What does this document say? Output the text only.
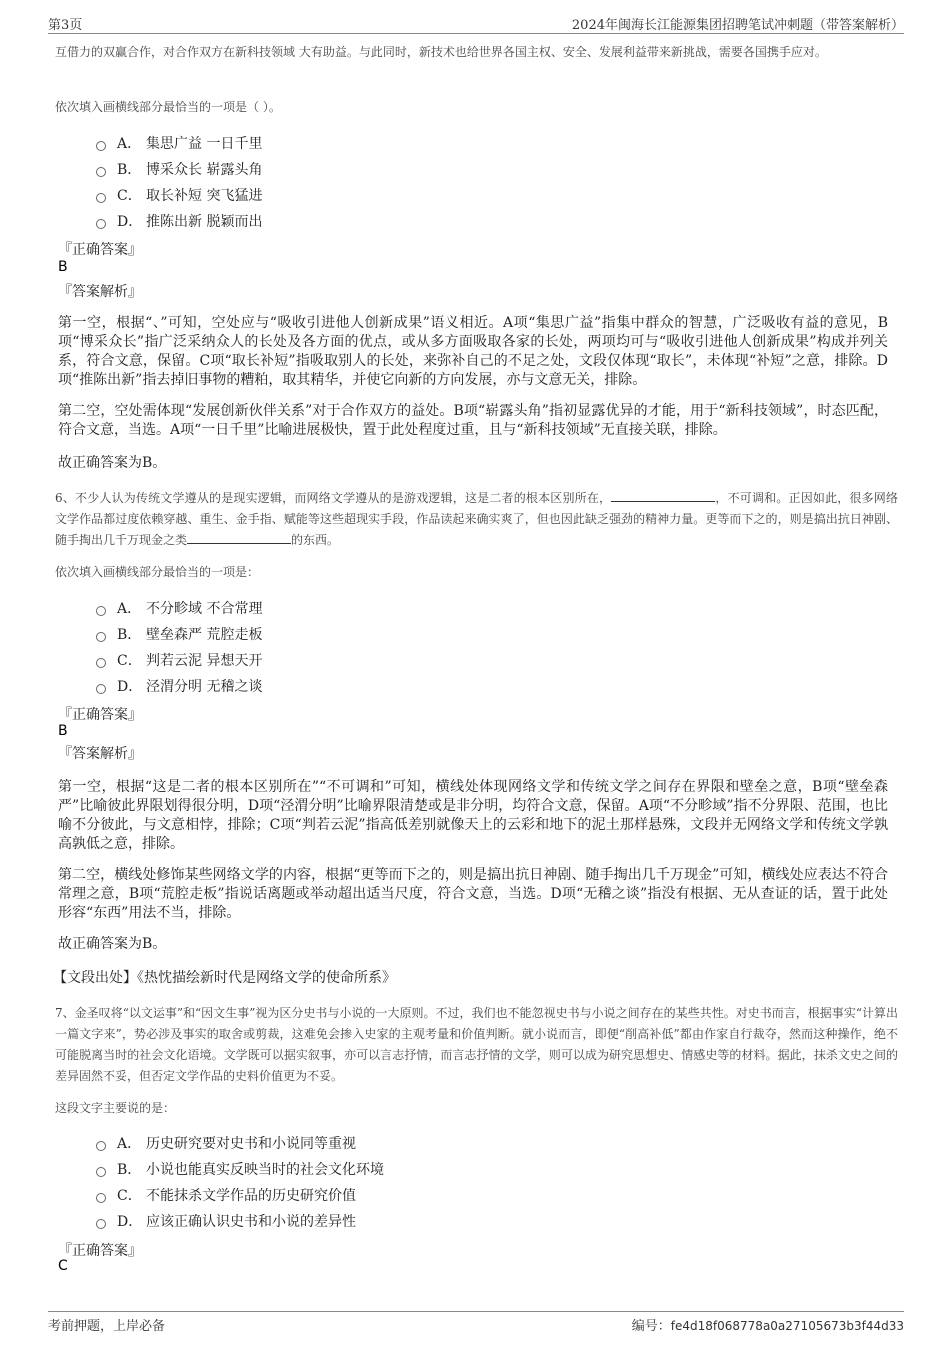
第3页	2024年闽海长江能源集团招聘笔试冲刺题（带答案解析）

互借力的双赢合作，对合作双方在新科技领域 大有助益。与此同时，新技术也给世界各国主权、安全、发展利益带来新挑战，需要各国携手应对。

依次填入画横线部分最恰当的一项是（ ）。

A． 集思广益 一日千里
B． 博采众长 崭露头角
C． 取长补短 突飞猛进
D． 推陈出新 脱颖而出
『正确答案』
B
『答案解析』

第一空，根据“、”可知，空处应与“吸收引进他人创新成果”语义相近。A项“集思广益”指集中群众的智慧，广泛吸收有益的意见，B项“博采众长”指广泛采纳众人的长处及各方面的优点，或从多方面吸取各家的长处，两项均可与“吸收引进他人创新成果”构成并列关系，符合文意，保留。C项“取长补短”指吸取别人的长处，来弥补自己的不足之处，文段仅体现“取长”，未体现“补短”之意，排除。D项“推陈出新”指去掉旧事物的糟粕，取其精华，并使它向新的方向发展，亦与文意无关，排除。

第二空，空处需体现“发展创新伙伴关系”对于合作双方的益处。B项“崭露头角”指初显露优异的才能，用于“新科技领域”，时态匹配，符合文意，当选。A项“一日千里”比喻进展极快，置于此处程度过重，且与“新科技领域”无直接关联，排除。

故正确答案为B。

6、不少人认为传统文学遵从的是现实逻辑，而网络文学遵从的是游戏逻辑，这是二者的根本区别所在，	，不可调和。正因如此，很多网络文学作品都过度依赖穿越、重生、金手指、赋能等这些超现实手段，作品读起来确实爽了，但也因此缺乏强劲的精神力量。更等而下之的，则是搞出抗日神剧、随手掏出几千万现金之类	的东西。

依次填入画横线部分最恰当的一项是：

A． 不分畛域 不合常理
B． 壁垒森严 荒腔走板
C． 判若云泥 异想天开
D． 泾渭分明 无稽之谈
『正确答案』
B
『答案解析』

第一空，根据“这是二者的根本区别所在”“不可调和”可知，横线处体现网络文学和传统文学之间存在界限和壁垒之意，B项“壁垒森严”比喻彼此界限划得很分明，D项“泾渭分明”比喻界限清楚或是非分明，均符合文意，保留。A项“不分畛域”指不分界限、范围，也比喻不分彼此，与文意相悖，排除；C项“判若云泥”指高低差别就像天上的云彩和地下的泥土那样悬殊，文段并无网络文学和传统文学孰高孰低之意，排除。

第二空，横线处修饰某些网络文学的内容，根据“更等而下之的，则是搞出抗日神剧、随手掏出几千万现金”可知，横线处应表达不符合常理之意，B项“荒腔走板”指说话离题或举动超出适当尺度，符合文意，当选。D项“无稽之谈”指没有根据、无从查证的话，置于此处形容“东西”用法不当，排除。

故正确答案为B。

【文段出处】《热忱描绘新时代是网络文学的使命所系》

7、金圣叹将“以文运事”和“因文生事”视为区分史书与小说的一大原则。不过，我们也不能忽视史书与小说之间存在的某些共性。对史书而言，根据事实“计算出一篇文字来”，势必涉及事实的取舍或剪裁，这难免会掺入史家的主观考量和价值判断。就小说而言，即便“削高补低”都由作家自行裁夺，然而这种操作，绝不可能脱离当时的社会文化语境。文学既可以据实叙事，亦可以言志抒情，而言志抒情的文学，则可以成为研究思想史、情感史等的材料。据此，抹杀文史之间的差异固然不妥，但否定文学作品的史料价值更为不妥。

这段文字主要说的是：

A． 历史研究要对史书和小说同等重视
B． 小说也能真实反映当时的社会文化环境
C． 不能抹杀文学作品的历史研究价值
D． 应该正确认识史书和小说的差异性
『正确答案』
C
考前押题，上岸必备	编号：fe4d18f068778a0a27105673b3f44d33
